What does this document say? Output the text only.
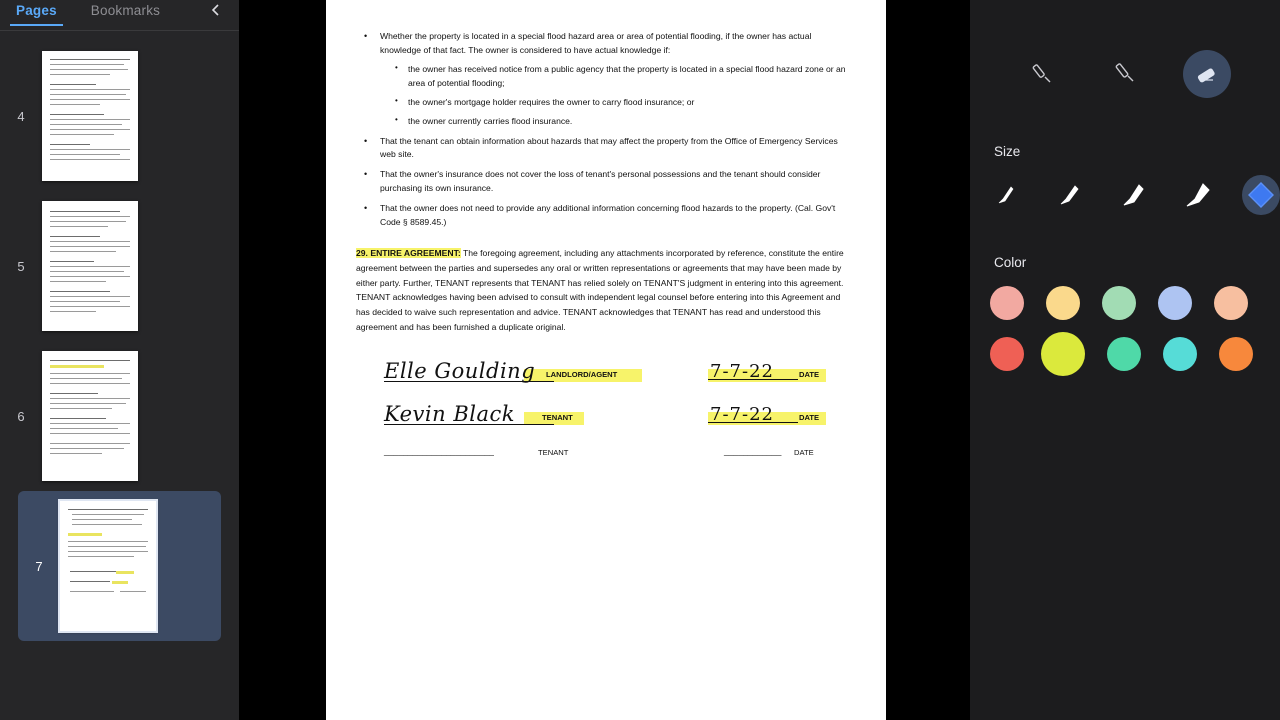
Pages	Bookmarks
4
5
6
7
• Whether the property is located in a special flood hazard area or area of potential flooding, if the owner has actual knowledge of that fact. The owner is considered to have actual knowledge if:
• the owner has received notice from a public agency that the property is located in a special flood hazard zone or an area of potential flooding;
• the owner's mortgage holder requires the owner to carry flood insurance; or
• the owner currently carries flood insurance.
• That the tenant can obtain information about hazards that may affect the property from the Office of Emergency Services web site.
• That the owner's insurance does not cover the loss of tenant's personal possessions and the tenant should consider purchasing its own insurance.
• That the owner does not need to provide any additional information concerning flood hazards to the property. (Cal. Gov't Code § 8589.45.)
29. ENTIRE AGREEMENT: The foregoing agreement, including any attachments incorporated by reference, constitute the entire agreement between the parties and supersedes any oral or written representations or agreements that may have been made by either party. Further, TENANT represents that TENANT has relied solely on TENANT'S judgment in entering into this agreement. TENANT acknowledges having been advised to consult with independent legal counsel before entering into this Agreement and has decided to waive such representation and advice. TENANT acknowledges that TENANT has read and understood this agreement and has been furnished a duplicate original.
Elle Goulding LANDLORD/AGENT	7-7-22	DATE
Kevin Black	TENANT	7-7-22	DATE
_______________________	TENANT	____________ DATE
Size
Color
